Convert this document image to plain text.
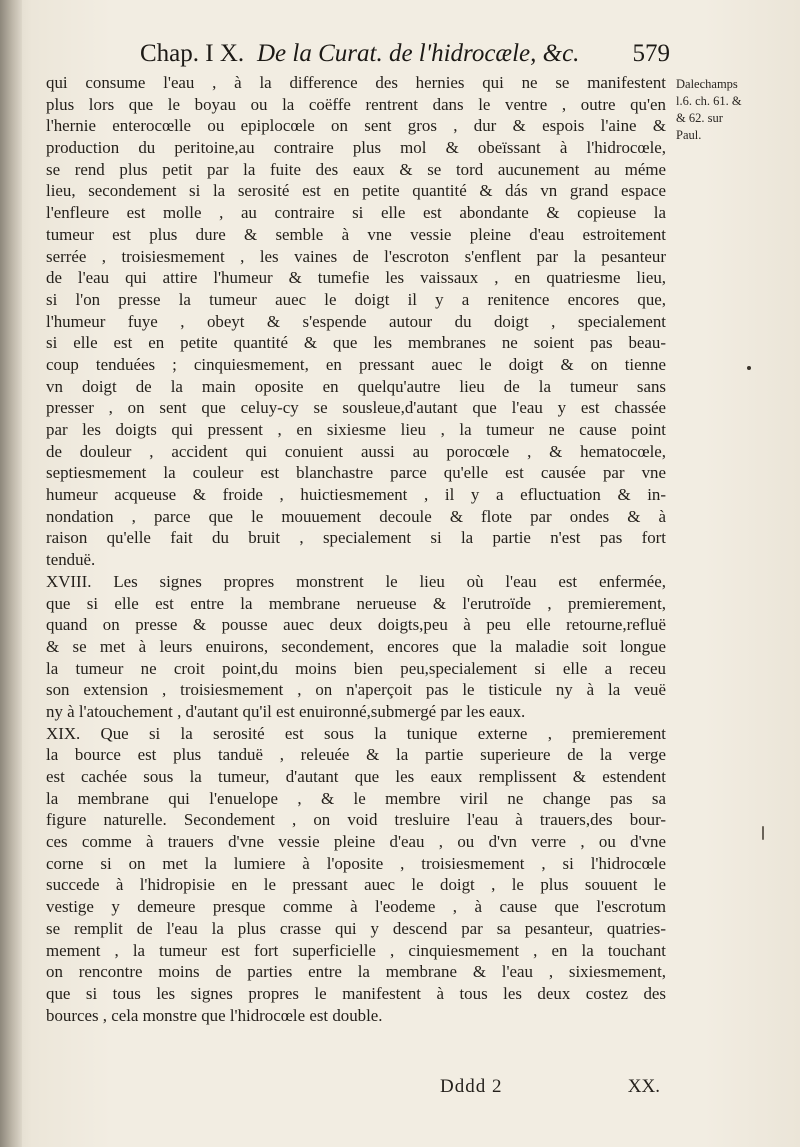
Chap. I X. De la Curat. de l'hidrocæle, &c. 579
qui consume l'eau , à la difference des hernies qui ne se manifestent
plus lors que le boyau ou la coëffe rentrent dans le ventre , outre qu'en
l'hernie enterocœlle ou epiplocœle on sent gros , dur & espois l'aine &
production du peritoine,au contraire plus mol & obeïssant à l'hidrocœle,
se rend plus petit par la fuite des eaux & se tord aucunement au méme
lieu, secondement si la serosité est en petite quantité & dás vn grand espace
l'enfleure est molle , au contraire si elle est abondante & copieuse la
tumeur est plus dure & semble à vne vessie pleine d'eau estroitement
serrée , troisiesmement , les vaines de l'escroton s'enflent par la pesanteur
de l'eau qui attire l'humeur & tumefie les vaissaux , en quatriesme lieu,
si l'on presse la tumeur auec le doigt il y a renitence encores que,
l'humeur fuye , obeyt & s'espende autour du doigt , specialement
si elle est en petite quantité & que les membranes ne soient pas beau-
coup tenduées ; cinquiesmement, en pressant auec le doigt & on tienne
vn doigt de la main oposite en quelqu'autre lieu de la tumeur sans
presser , on sent que celuy-cy se sousleue,d'autant que l'eau y est chassée
par les doigts qui pressent , en sixiesme lieu , la tumeur ne cause point
de douleur , accident qui conuient aussi au porocœle , & hematocœle,
septiesmement la couleur est blanchastre parce qu'elle est causée par vne
humeur acqueuse & froide , huictiesmement , il y a efluctuation & in-
nondation , parce que le mouuement decoule & flote par ondes & à
raison qu'elle fait du bruit , specialement si la partie n'est pas fort
tenduë.
XVIII. Les signes propres monstrent le lieu où l'eau est enfermée,
que si elle est entre la membrane nerueuse & l'erutroïde , premierement,
quand on presse & pousse auec deux doigts,peu à peu elle retourne,refluë
& se met à leurs enuirons, secondement, encores que la maladie soit longue
la tumeur ne croit point,du moins bien peu,specialement si elle a receu
son extension , troisiesmement , on n'aperçoit pas le tisticule ny à la veuë
ny à l'atouchement , d'autant qu'il est enuironné,submergé par les eaux.
XIX. Que si la serosité est sous la tunique externe , premierement
la bource est plus tanduë , releuée & la partie superieure de la verge
est cachée sous la tumeur, d'autant que les eaux remplissent & estendent
la membrane qui l'enuelope , & le membre viril ne change pas sa
figure naturelle. Secondement , on void tresluire l'eau à trauers,des bour-
ces comme à trauers d'vne vessie pleine d'eau , ou d'vn verre , ou d'vne
corne si on met la lumiere à l'oposite , troisiesmement , si l'hidrocœle
succede à l'hidropisie en le pressant auec le doigt , le plus souuent le
vestige y demeure presque comme à l'eodeme , à cause que l'escrotum
se remplit de l'eau la plus crasse qui y descend par sa pesanteur, quatries-
mement , la tumeur est fort superficielle , cinquiesmement , en la touchant
on rencontre moins de parties entre la membrane & l'eau , sixiesmement,
que si tous les signes propres le manifestent à tous les deux costez des
bources , cela monstre que l'hidrocœle est double.
Dalechamps
l.6. ch. 61. &
& 62. sur
Paul.
Dddd 2	XX.
